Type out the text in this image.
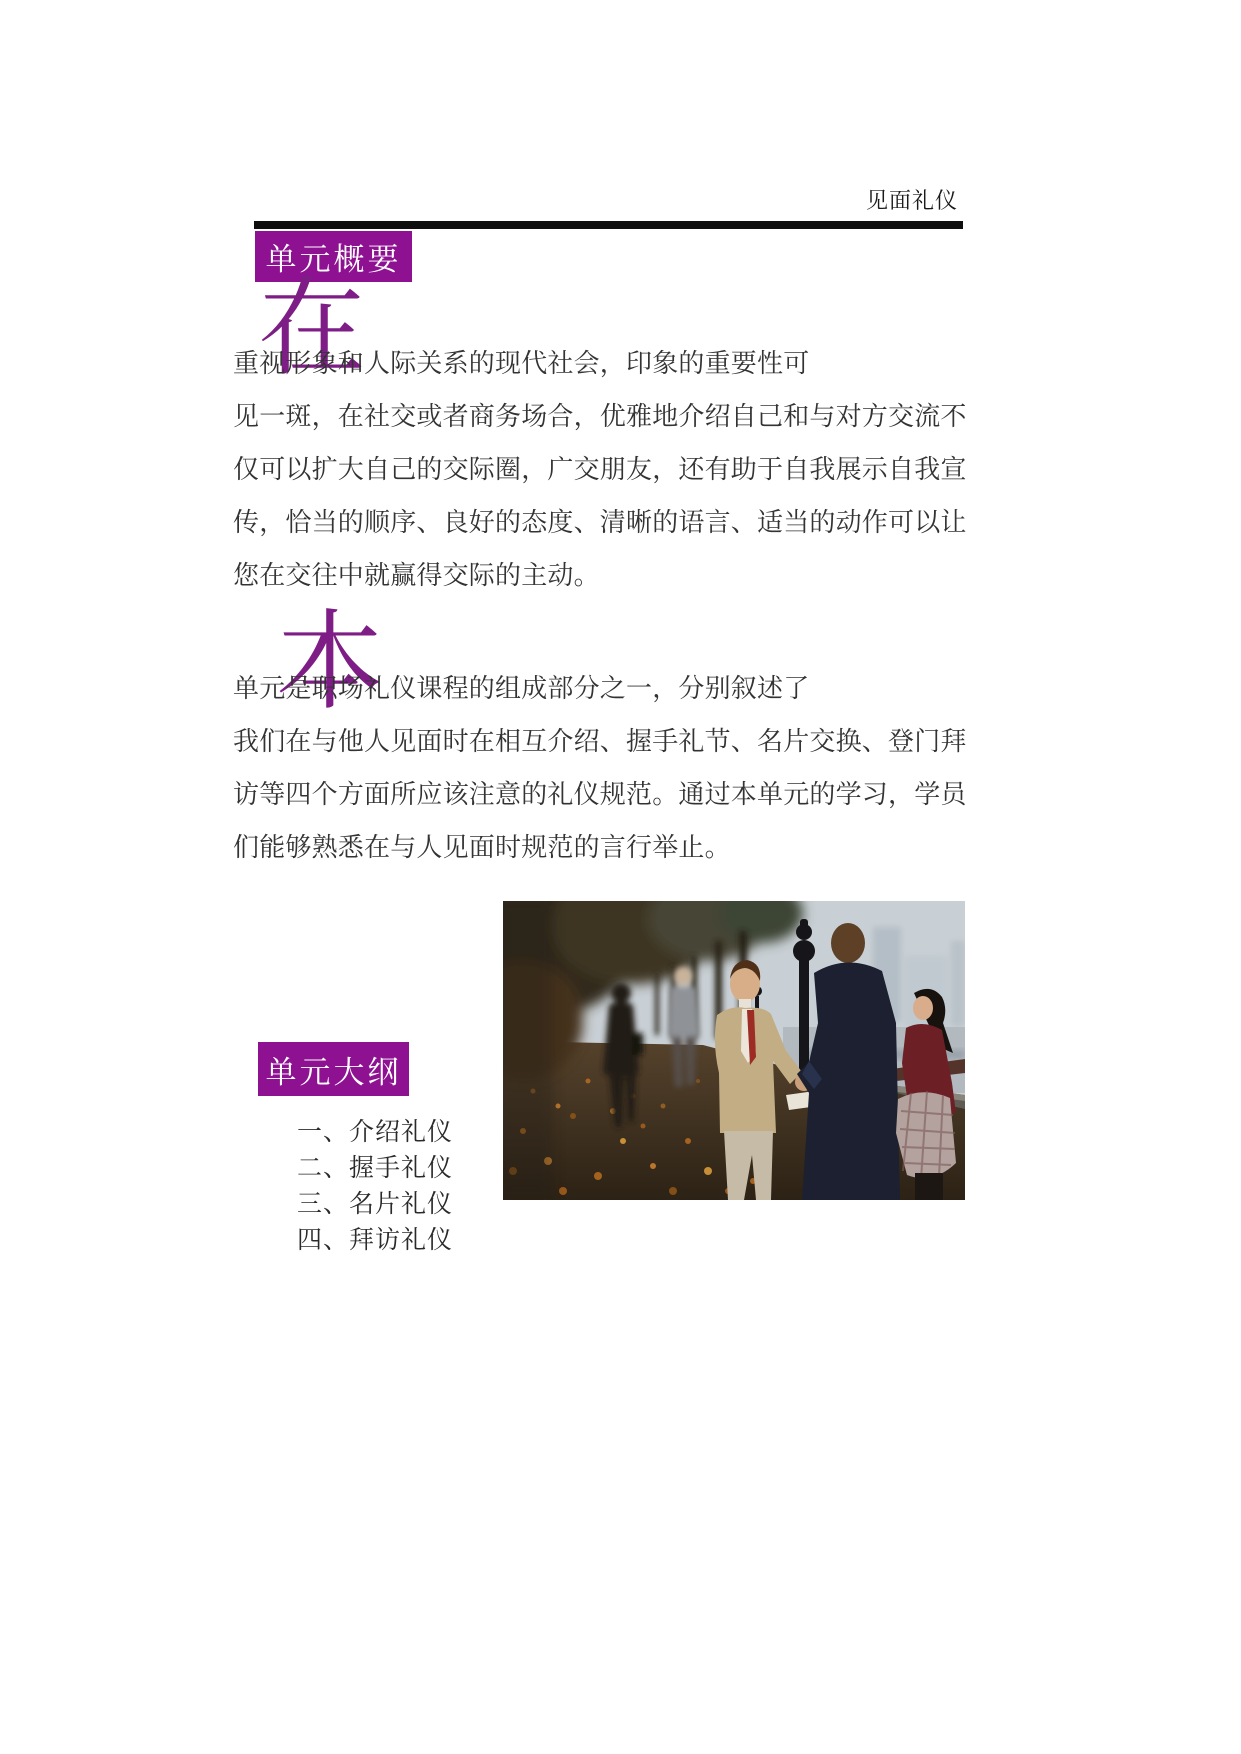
见面礼仪
单元概要
在
重视形象和人际关系的现代社会，印象的重要性可
见一斑，在社交或者商务场合，优雅地介绍自己和与对方交流不
仅可以扩大自己的交际圈，广交朋友，还有助于自我展示自我宣
传，恰当的顺序、良好的态度、清晰的语言、适当的动作可以让
您在交往中就赢得交际的主动。
本
单元是职场礼仪课程的组成部分之一，分别叙述了
我们在与他人见面时在相互介绍、握手礼节、名片交换、登门拜
访等四个方面所应该注意的礼仪规范。通过本单元的学习，学员
们能够熟悉在与人见面时规范的言行举止。
单元大纲
一、介绍礼仪
二、握手礼仪
三、名片礼仪
四、拜访礼仪
